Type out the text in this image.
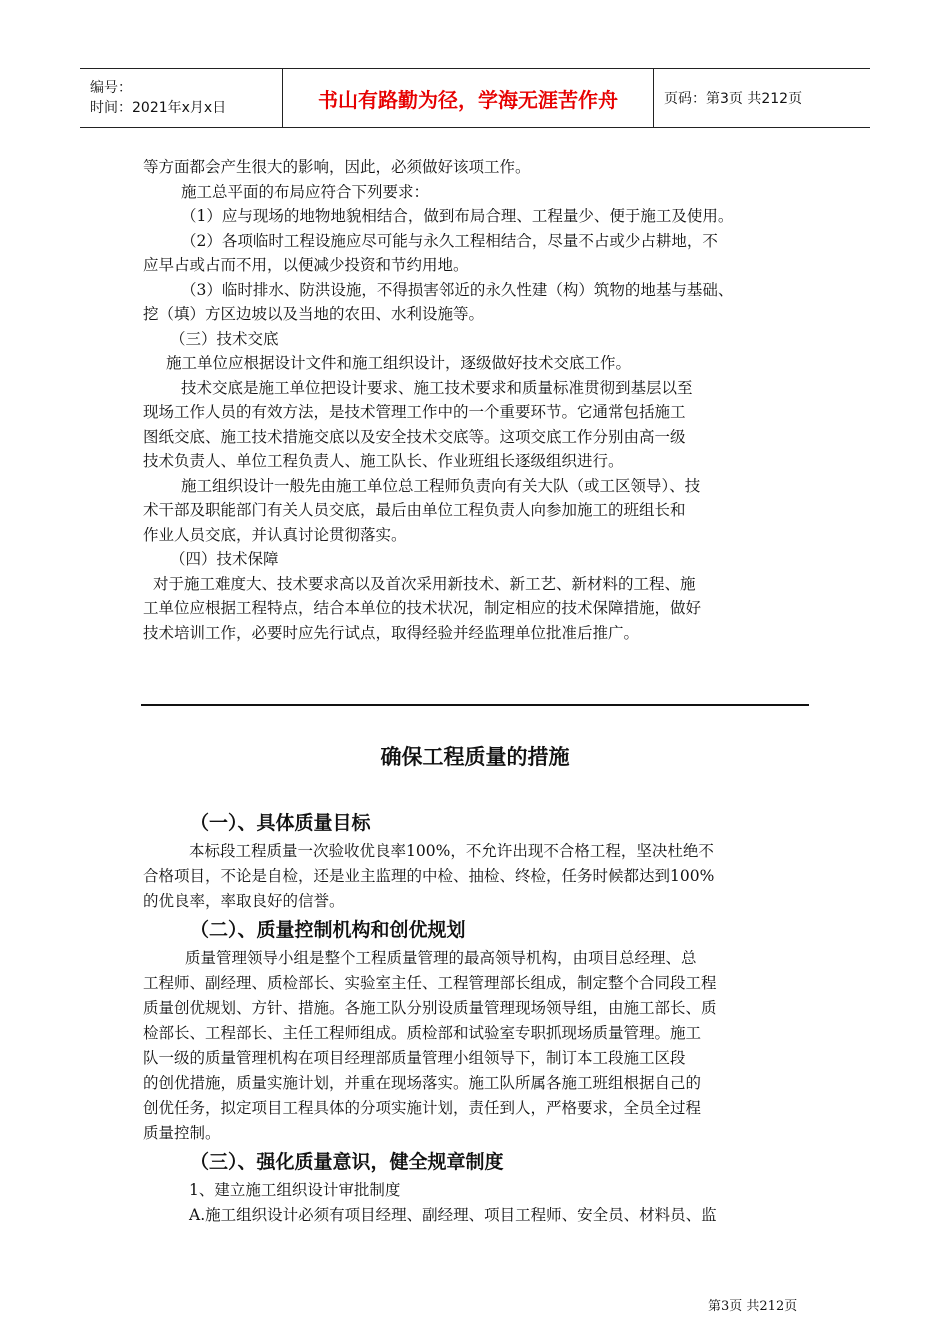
编号：
时间：2021年x月x日	书山有路勤为径，学海无涯苦作舟	页码：第3页 共212页

等方面都会产生很大的影响，因此，必须做好该项工作。

施工总平面的布局应符合下列要求：

（1）应与现场的地物地貌相结合，做到布局合理、工程量少、便于施工及使用。

（2）各项临时工程设施应尽可能与永久工程相结合，尽量不占或少占耕地，不

应早占或占而不用，以便减少投资和节约用地。

（3）临时排水、防洪设施，不得损害邻近的永久性建（构）筑物的地基与基础、

挖（填）方区边坡以及当地的农田、水利设施等。

（三）技术交底

施工单位应根据设计文件和施工组织设计，逐级做好技术交底工作。

技术交底是施工单位把设计要求、施工技术要求和质量标准贯彻到基层以至

现场工作人员的有效方法，是技术管理工作中的一个重要环节。它通常包括施工

图纸交底、施工技术措施交底以及安全技术交底等。这项交底工作分别由高一级

技术负责人、单位工程负责人、施工队长、作业班组长逐级组织进行。

施工组织设计一般先由施工单位总工程师负责向有关大队（或工区领导）、技

术干部及职能部门有关人员交底，最后由单位工程负责人向参加施工的班组长和

作业人员交底，并认真讨论贯彻落实。

（四）技术保障

对于施工难度大、技术要求高以及首次采用新技术、新工艺、新材料的工程、施

工单位应根据工程特点，结合本单位的技术状况，制定相应的技术保障措施，做好

技术培训工作，必要时应先行试点，取得经验并经监理单位批准后推广。

确保工程质量的措施

（一）、具体质量目标

本标段工程质量一次验收优良率100%，不允许出现不合格工程，坚决杜绝不

合格项目，不论是自检，还是业主监理的中检、抽检、终检，任务时候都达到100%

的优良率，率取良好的信誉。

（二）、质量控制机构和创优规划

质量管理领导小组是整个工程质量管理的最高领导机构，由项目总经理、总

工程师、副经理、质检部长、实验室主任、工程管理部长组成，制定整个合同段工程

质量创优规划、方针、措施。各施工队分别设质量管理现场领导组，由施工部长、质

检部长、工程部长、主任工程师组成。质检部和试验室专职抓现场质量管理。施工

队一级的质量管理机构在项目经理部质量管理小组领导下，制订本工段施工区段

的创优措施，质量实施计划，并重在现场落实。施工队所属各施工班组根据自己的

创优任务，拟定项目工程具体的分项实施计划，责任到人，严格要求，全员全过程

质量控制。

（三）、强化质量意识，健全规章制度

1、建立施工组织设计审批制度

A.施工组织设计必须有项目经理、副经理、项目工程师、安全员、材料员、监

第3页 共212页
